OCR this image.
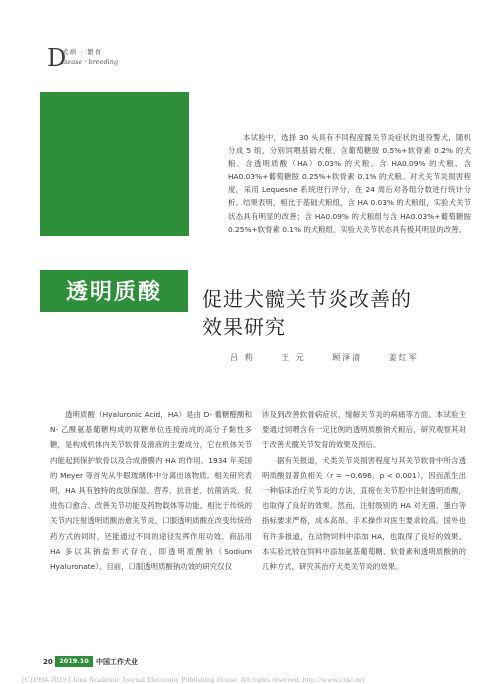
D
犬病 · 繁育
isease · breeding
透明质酸
本试验中，选择 30 头具有不同程度髋关节炎症状的退役警犬，随机分成 5 组，分别饲喂基础犬粮、含葡萄糖胺 0.5%+软骨素 0.2% 的犬粮、含透明质酸（HA）0.03% 的犬粮、含 HA0.09% 的犬粮、含 HA0.03%+葡萄糖胺 0.25%+软骨素 0.1% 的犬粮。对犬关节炎损害程度，采用 Lequesne 系统进行评分，在 24 周后对各组分数进行统计分析。结果表明，相比于基础犬粮组，含 HA 0.03% 的犬粮组，实验犬关节状态具有明显的改善；含 HA0.09% 的犬粮组与含 HA0.03%+葡萄糖胺 0.25%+软骨素 0.1% 的犬粮组，实验犬关节状态具有极其明显的改善。
促进犬髋关节炎改善的
效果研究
吕 莉	王 元	顾泽清	姜红军

透明质酸（Hyaluronic Acid，HA）是由 D- 葡糖醛酸和 N- 乙酰氨基葡糖构成的双糖单位连接而成的高分子黏性多糖，是构成机体内关节软骨及滑液的主要成分，它在机体关节内能起到保护软骨以及合成滑膜内 HA 的作用。1934 年美国的 Meyer 等首先从牛眼玻璃体中分离出该物质。相关研究表明，HA 具有独特的皮肤保湿、营养、抗衰老、抗菌消炎、促进伤口愈合、改善关节功能及药物载体等功能。相比于传统的关节内注射透明质酸治愈关节炎，口服透明质酸在改变传统给药方式的同时，还能通过不同的途径发挥作用功效。商品用 HA 多以其钠盐形式存在，即透明质酸钠（Sodium Hyaluronate）。目前，口服透明质酸钠功效的研究仅仅

涉及到改善软骨病症状、缓解关节炎的病痛等方面。本试验主要通过饲喂含有一定比例的透明质酸钠犬粮后，研究观察其对于改善犬髋关节发育的效果及预后。

据有关报道，犬类关节炎损害程度与其关节软骨中所含透明质酸显著负相关（r = −0.696，p < 0.001），因而派生出一种临床治疗关节炎的方法，直接在关节腔中注射透明质酸，也取得了良好的效果。然而，注射级别的 HA 对无菌、蛋白等指标要求严格，成本高昂。手术操作对医生要求较高。国外也有许多报道，在动物饲料中添加 HA，也取得了良好的效果。本实验比较在饲料中添加氨基葡萄糖、软骨素和透明质酸钠的几种方式，研究其治疗犬类关节炎的效果。

20 2019.10	中国工作犬业
(C)1994-2019 China Academic Journal Electronic Publishing House. All rights reserved. http://www.cnki.net
